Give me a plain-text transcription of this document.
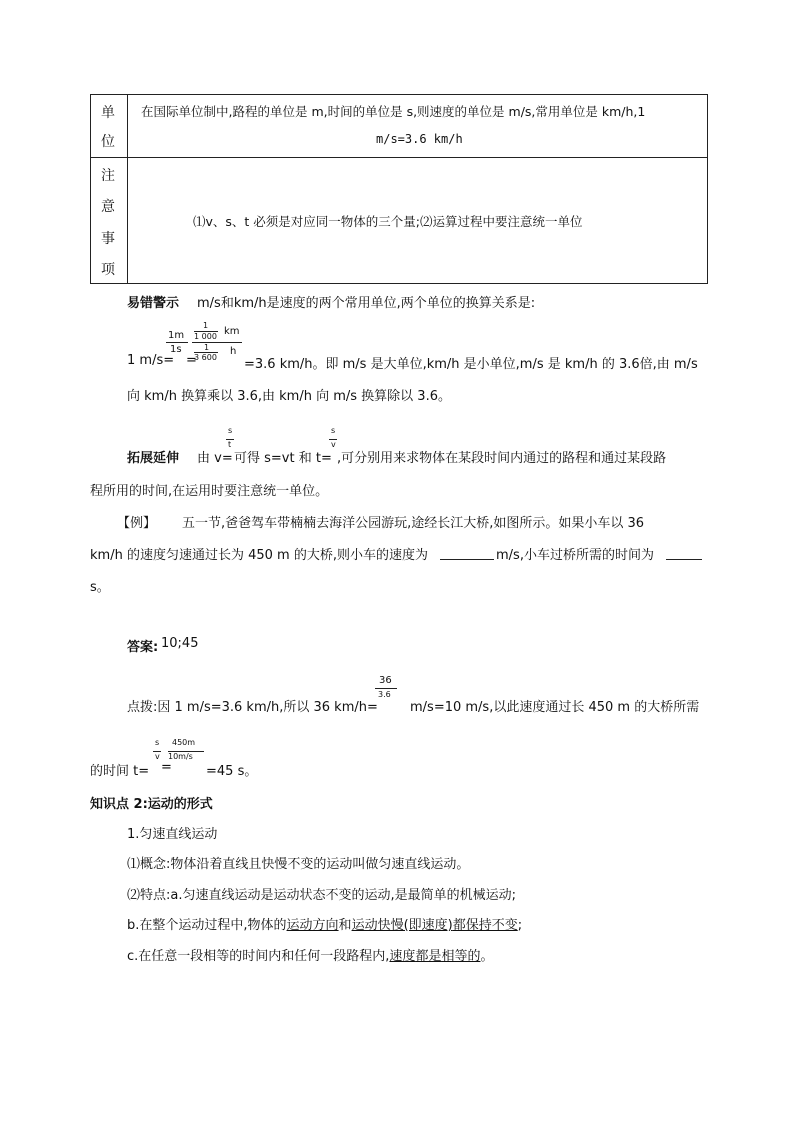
单
位
在国际单位制中,路程的单位是 m,时间的单位是 s,则速度的单位是 m/s,常用单位是 km/h,1
m/s=3.6 km/h
注
意
事
项
⑴v、s、t 必须是对应同一物体的三个量;⑵运算过程中要注意统一单位
易错警示 m/s和km/h是速度的两个常用单位,两个单位的换算关系是:
1m
1s
1
1 000 km
1
3 600
h
1 m/s= =	=3.6 km/h。即 m/s 是大单位,km/h 是小单位,m/s 是 km/h 的 3.6倍,由 m/s
向 km/h 换算乘以 3.6,由 km/h 向 m/s 换算除以 3.6。
拓展延伸 由 v=
s
t
可得 s=vt 和 t=
s
v
,可分别用来求物体在某段时间内通过的路程和通过某段路
程所用的时间,在运用时要注意统一单位。
【例】 五一节,爸爸驾车带楠楠去海洋公园游玩,途经长江大桥,如图所示。如果小车以 36
km/h 的速度匀速通过长为 450 m 的大桥,则小车的速度为	m/s,小车过桥所需的时间为
s。
答案: 10;45
点拨:因 1 m/s=3.6 km/h,所以 36 km/h=
36
3.6
m/s=10 m/s,以此速度通过长 450 m 的大桥所需
的时间 t=
s
v
=
450m
10m/s
=45 s。
知识点 2:运动的形式
1.匀速直线运动
⑴概念:物体沿着直线且快慢不变的运动叫做匀速直线运动。
⑵特点:a.匀速直线运动是运动状态不变的运动,是最简单的机械运动;
b.在整个运动过程中,物体的运动方向和运动快慢(即速度)都保持不变;
c.在任意一段相等的时间内和任何一段路程内,速度都是相等的。
